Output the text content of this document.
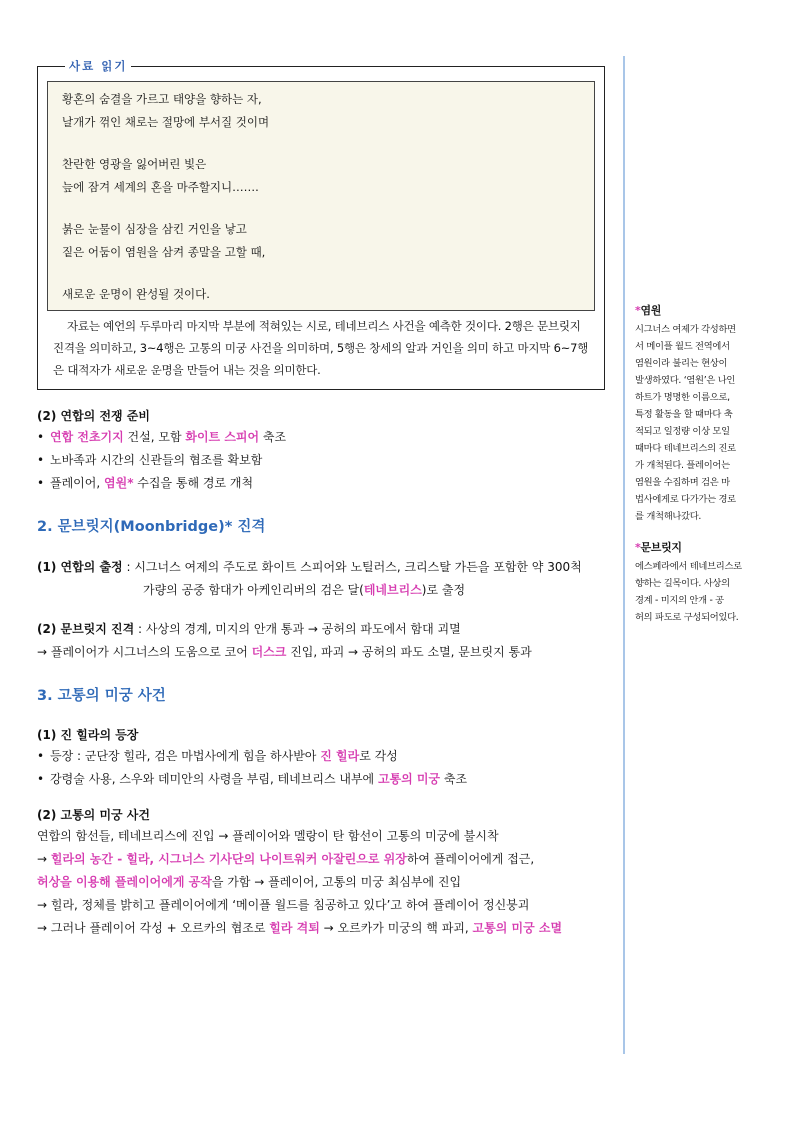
사료 읽기
황혼의 숨결을 가르고 태양을 향하는 자,
날개가 꺾인 채로는 절망에 부서질 것이며
찬란한 영광을 잃어버린 빛은
늪에 잠겨 세계의 혼을 마주할지니…….
붉은 눈물이 심장을 삼킨 거인을 낳고
짙은 어둠이 염원을 삼켜 종말을 고할 때,
새로운 운명이 완성될 것이다.
자료는 예언의 두루마리 마지막 부분에 적혀있는 시로, 테네브리스 사건을 예측한 것이다. 2행은 문브릿지 진격을 의미하고, 3~4행은 고통의 미궁 사건을 의미하며, 5행은 창세의 알과 거인을 의미 하고 마지막 6~7행은 대적자가 새로운 운명을 만들어 내는 것을 의미한다.
(2) 연합의 전쟁 준비
• 연합 전초기지 건설, 모함 화이트 스피어 축조
• 노바족과 시간의 신관들의 협조를 확보함
• 플레이어, 염원* 수집을 통해 경로 개척
2. 문브릿지(Moonbridge)* 진격
(1) 연합의 출정 : 시그너스 여제의 주도로 화이트 스피어와 노틸러스, 크리스탈 가든을 포함한 약 300척
가량의 공중 함대가 아케인리버의 검은 달(테네브리스)로 출정
(2) 문브릿지 진격 : 사상의 경계, 미지의 안개 통과 → 공허의 파도에서 함대 괴멸
→ 플레이어가 시그너스의 도움으로 코어 더스크 진입, 파괴 → 공허의 파도 소멸, 문브릿지 통과
3. 고통의 미궁 사건
(1) 진 힐라의 등장
• 등장 : 군단장 힐라, 검은 마법사에게 힘을 하사받아 진 힐라로 각성
• 강령술 사용, 스우와 데미안의 사령을 부림, 테네브리스 내부에 고통의 미궁 축조
(2) 고통의 미궁 사건
연합의 함선들, 테네브리스에 진입 → 플레이어와 멜랑이 탄 함선이 고통의 미궁에 불시착
→ 힐라의 농간 - 힐라, 시그너스 기사단의 나이트워커 아잘린으로 위장하여 플레이어에게 접근,
허상을 이용해 플레이어에게 공작을 가함 → 플레이어, 고통의 미궁 최심부에 진입
→ 힐라, 정체를 밝히고 플레이어에게 ‘메이플 월드를 침공하고 있다’고 하여 플레이어 정신붕괴
→ 그러나 플레이어 각성 + 오르카의 협조로 힐라 격퇴 → 오르카가 미궁의 핵 파괴, 고통의 미궁 소멸
*염원
시그너스 여제가 각성하면
서 메이플 월드 전역에서
염원이라 불리는 현상이
발생하였다. ‘염원’은 나인
하트가 명명한 이름으로,
특정 활동을 할 때마다 축
적되고 일정량 이상 모일
때마다 테네브리스의 진로
가 개척된다. 플레이어는
염원을 수집하며 검은 마
법사에게로 다가가는 경로
를 개척해나갔다.
*문브릿지
에스페라에서 테네브리스로
향하는 길목이다. 사상의
경계 - 미지의 안개 - 공
허의 파도로 구성되어있다.
